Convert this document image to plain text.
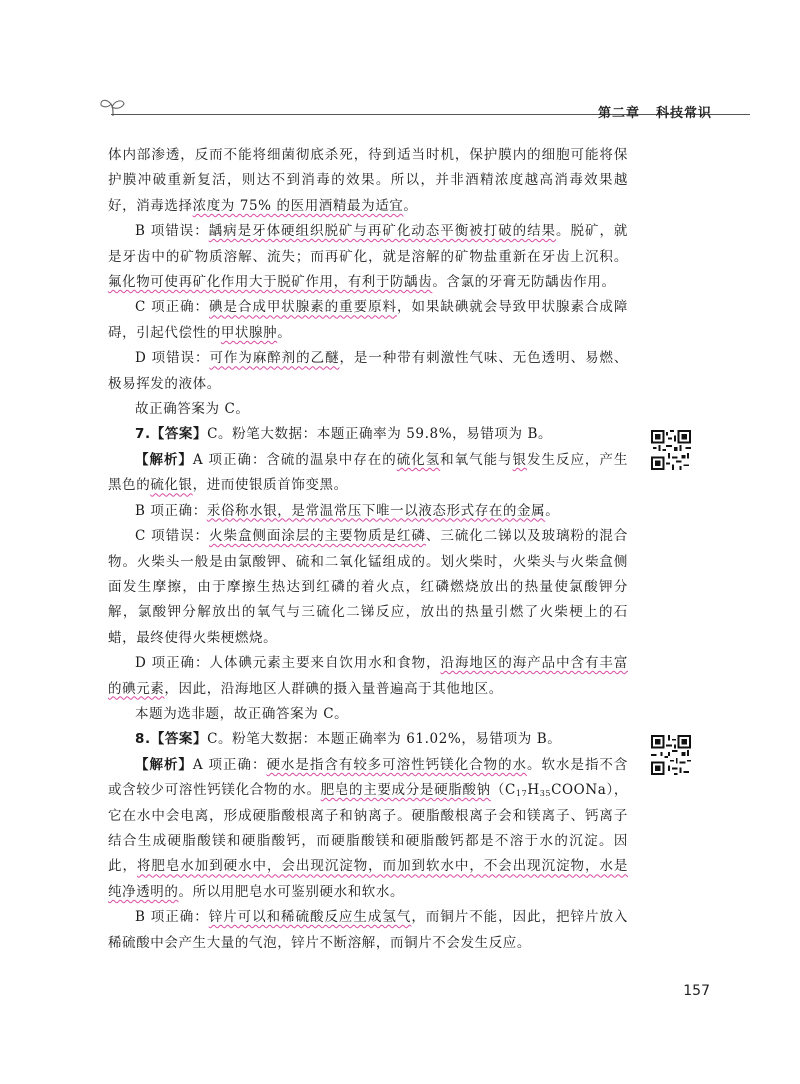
第二章 科技常识

体内部渗透，反而不能将细菌彻底杀死，待到适当时机，保护膜内的细胞可能将保护膜冲破重新复活，则达不到消毒的效果。所以，并非酒精浓度越高消毒效果越好，消毒选择浓度为 75% 的医用酒精最为适宜。

B 项错误：龋病是牙体硬组织脱矿与再矿化动态平衡被打破的结果。脱矿，就是牙齿中的矿物质溶解、流失；而再矿化，就是溶解的矿物盐重新在牙齿上沉积。氟化物可使再矿化作用大于脱矿作用，有利于防龋齿。含氯的牙膏无防龋齿作用。

C 项正确：碘是合成甲状腺素的重要原料，如果缺碘就会导致甲状腺素合成障碍，引起代偿性的甲状腺肿。

D 项错误：可作为麻醉剂的乙醚，是一种带有刺激性气味、无色透明、易燃、极易挥发的液体。

故正确答案为 C。

7.【答案】C。粉笔大数据：本题正确率为 59.8%，易错项为 B。

【解析】A 项正确：含硫的温泉中存在的硫化氢和氧气能与银发生反应，产生黑色的硫化银，进而使银质首饰变黑。

B 项正确：汞俗称水银，是常温常压下唯一以液态形式存在的金属。

C 项错误：火柴盒侧面涂层的主要物质是红磷、三硫化二锑以及玻璃粉的混合物。火柴头一般是由氯酸钾、硫和二氧化锰组成的。划火柴时，火柴头与火柴盒侧面发生摩擦，由于摩擦生热达到红磷的着火点，红磷燃烧放出的热量使氯酸钾分解，氯酸钾分解放出的氧气与三硫化二锑反应，放出的热量引燃了火柴梗上的石蜡，最终使得火柴梗燃烧。

D 项正确：人体碘元素主要来自饮用水和食物，沿海地区的海产品中含有丰富的碘元素，因此，沿海地区人群碘的摄入量普遍高于其他地区。

本题为选非题，故正确答案为 C。

8.【答案】C。粉笔大数据：本题正确率为 61.02%，易错项为 B。

【解析】A 项正确：硬水是指含有较多可溶性钙镁化合物的水。软水是指不含或含较少可溶性钙镁化合物的水。肥皂的主要成分是硬脂酸钠$(C_{17}H_{35}COONa)$，它在水中会电离，形成硬脂酸根离子和钠离子。硬脂酸根离子会和镁离子、钙离子结合生成硬脂酸镁和硬脂酸钙，而硬脂酸镁和硬脂酸钙都是不溶于水的沉淀。因此，将肥皂水加到硬水中，会出现沉淀物，而加到软水中，不会出现沉淀物，水是纯净透明的。所以用肥皂水可鉴别硬水和软水。

B 项正确：锌片可以和稀硫酸反应生成氢气，而铜片不能，因此，把锌片放入稀硫酸中会产生大量的气泡，锌片不断溶解，而铜片不会发生反应。

157
